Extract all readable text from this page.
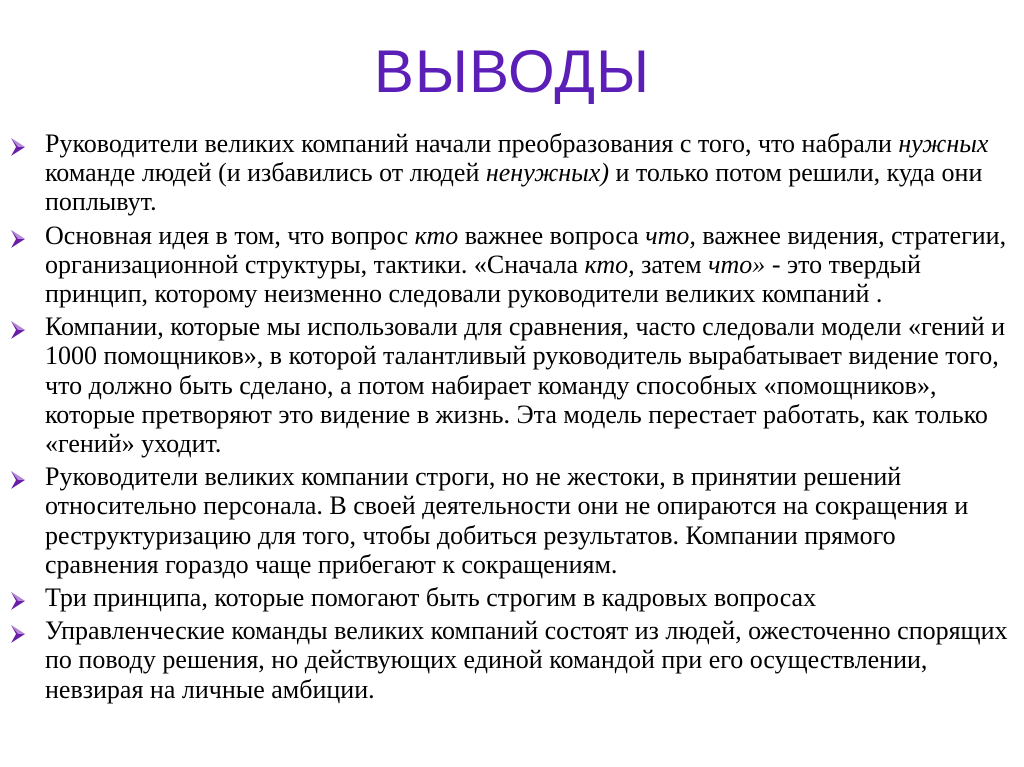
ВЫВОДЫ
Руководители великих компаний начали преобразования с того, что набрали нужных команде людей (и избавились от людей ненужных) и только потом решили, куда они поплывут.
Основная идея в том, что вопрос кто важнее вопроса что, важнее видения, стратегии, организационной структуры, тактики. «Сначала кто, затем что» - это твердый принцип, которому неизменно следовали руководители великих компаний .
Компании, которые мы использовали для сравнения, часто следовали модели «гений и 1000 помощников», в которой талантливый руководитель вырабатывает видение того, что должно быть сделано, а потом набирает команду способных «помощников», которые претворяют это видение в жизнь. Эта модель перестает работать, как только «гений» уходит.
Руководители великих компании строги, но не жестоки, в принятии решений относительно персонала. В своей деятельности они не опираются на сокращения и реструктуризацию для того, чтобы добиться результатов. Компании прямого сравнения гораздо чаще прибегают к сокращениям.
Три принципа, которые помогают быть строгим в кадровых вопросах
Управленческие команды великих компаний состоят из людей, ожесточенно спорящих по поводу решения, но действующих единой командой при его осуществлении, невзирая на личные амбиции.
